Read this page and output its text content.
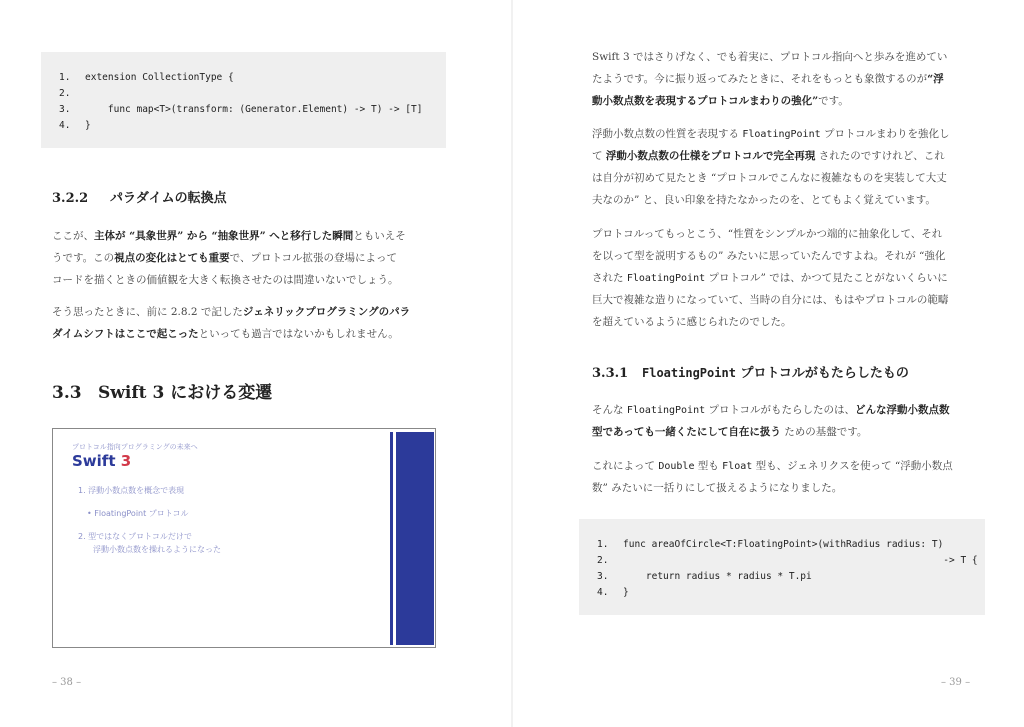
1. extension CollectionType {
2.
3.    func map<T>(transform: (Generator.Element) -> T) -> [T]
4. }
3.2.2 パラダイムの転換点
ここが、主体が “具象世界” から “抽象世界” へと移行した瞬間ともいえそ
うです。この視点の変化はとても重要で、プロトコル拡張の登場によって
コードを描くときの価値観を大きく転換させたのは間違いないでしょう。
そう思ったときに、前に 2.8.2 で記したジェネリックプログラミングのパラ
ダイムシフトはここで起こったといっても過言ではないかもしれません。
3.3 Swift 3 における変遷
プロトコル指向プログラミングの未来へ
Swift 3
1. 浮動小数点数を概念で表現
• FloatingPoint プロトコル
2. 型ではなくプロトコルだけで
浮動小数点数を操れるようになった
– 38 –
Swift 3 ではさりげなく、でも着実に、プロトコル指向へと歩みを進めてい
たようです。今に振り返ってみたときに、それをもっとも象徴するのが“浮
動小数点数を表現するプロトコルまわりの強化”です。
浮動小数点数の性質を表現する FloatingPoint プロトコルまわりを強化し
て 浮動小数点数の仕様をプロトコルで完全再現 されたのですけれど、これ
は自分が初めて見たとき “プロトコルでこんなに複雑なものを実装して大丈
夫なのか” と、良い印象を持たなかったのを、とてもよく覚えています。
プロトコルってもっとこう、“性質をシンプルかつ端的に抽象化して、それ
を以って型を説明するもの” みたいに思っていたんですよね。それが “強化
された FloatingPoint プロトコル” では、かつて見たことがないくらいに
巨大で複雑な造りになっていて、当時の自分には、もはやプロトコルの範疇
を超えているように感じられたのでした。
3.3.1 FloatingPoint プロトコルがもたらしたもの
そんな FloatingPoint プロトコルがもたらしたのは、どんな浮動小数点数
型であっても一緒くたにして自在に扱う ための基盤です。
これによって Double 型も Float 型も、ジェネリクスを使って “浮動小数点
数” みたいに一括りにして扱えるようになりました。
1. func areaOfCircle<T:FloatingPoint>(withRadius radius: T)
2.                                                        -> T {
3.    return radius * radius * T.pi
4. }
– 39 –
